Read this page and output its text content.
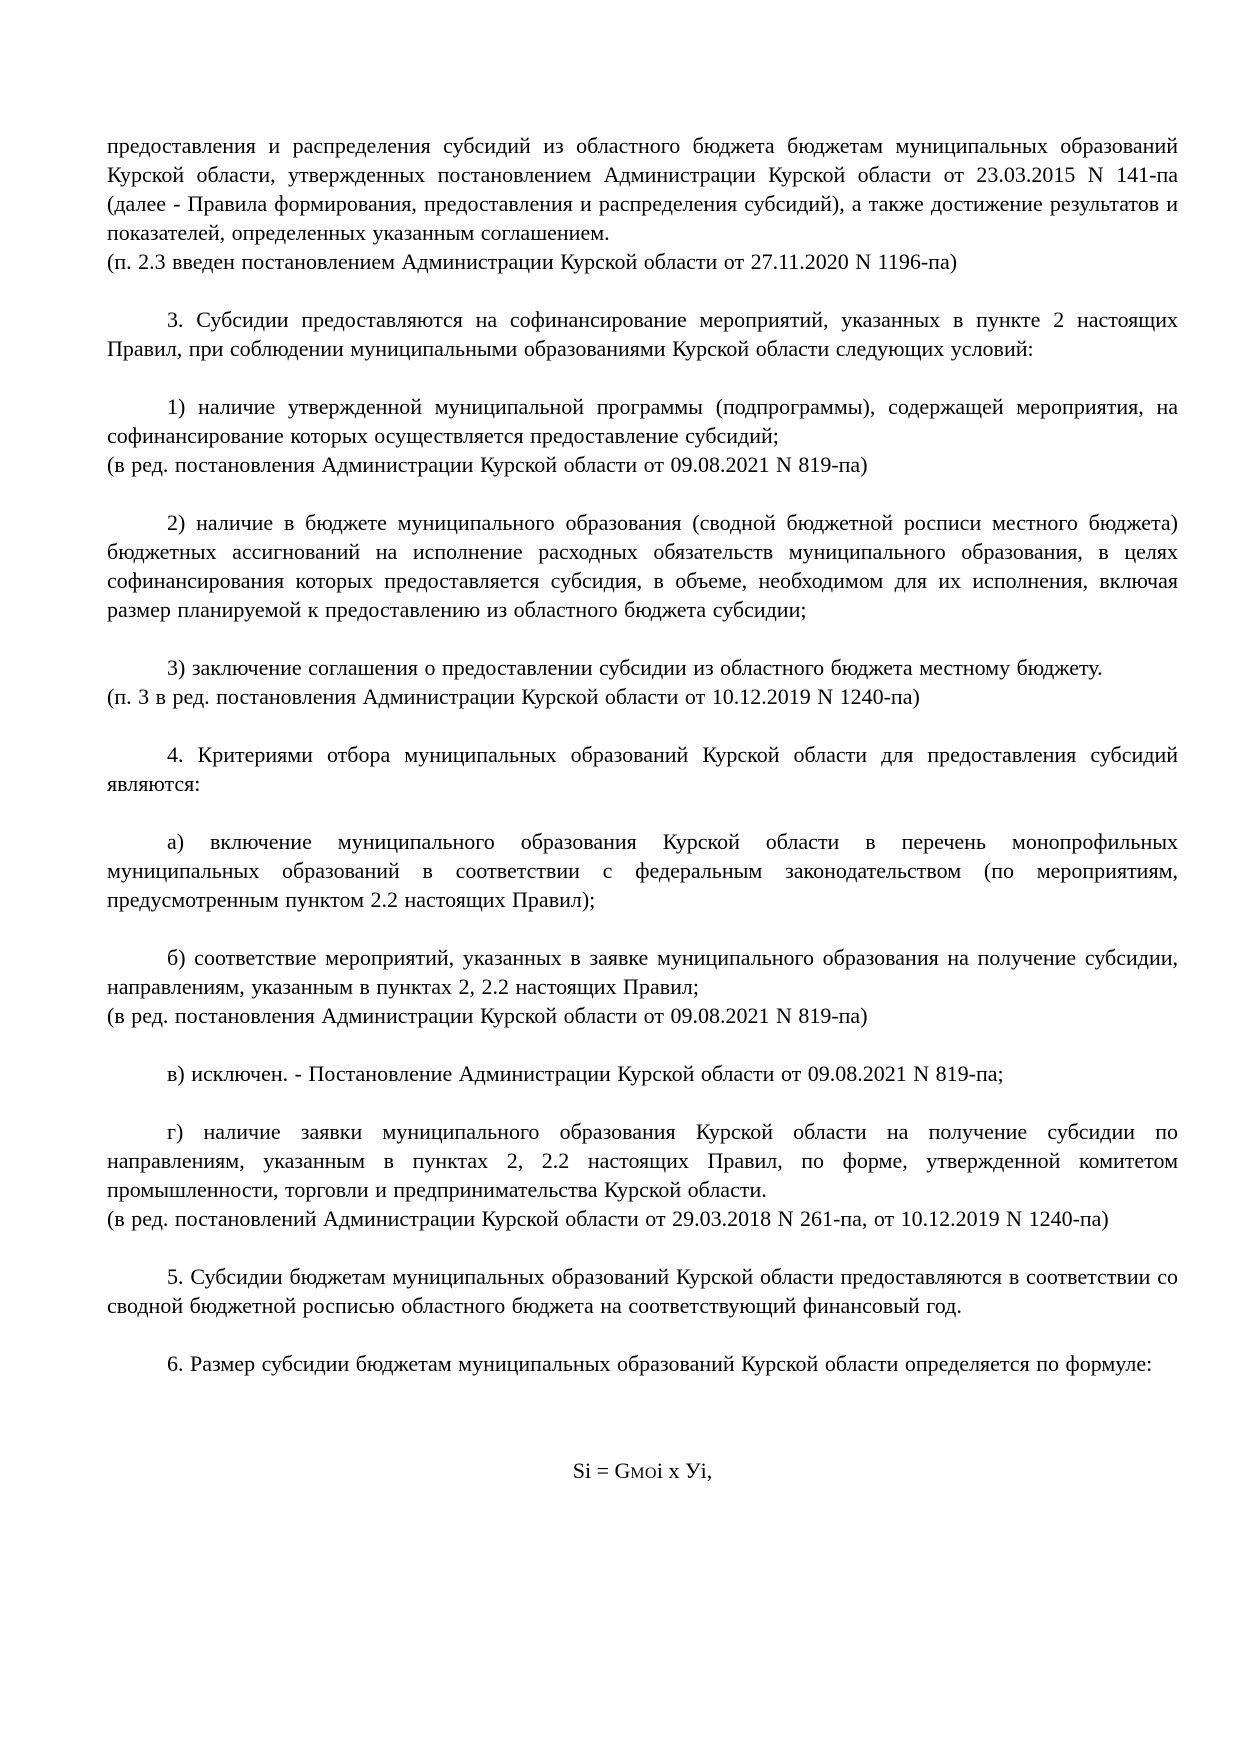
предоставления и распределения субсидий из областного бюджета бюджетам муниципальных образований Курской области, утвержденных постановлением Администрации Курской области от 23.03.2015 N 141-па (далее - Правила формирования, предоставления и распределения субсидий), а также достижение результатов и показателей, определенных указанным соглашением.

(п. 2.3 введен постановлением Администрации Курской области от 27.11.2020 N 1196-па)

3. Субсидии предоставляются на софинансирование мероприятий, указанных в пункте 2 настоящих Правил, при соблюдении муниципальными образованиями Курской области следующих условий:

1) наличие утвержденной муниципальной программы (подпрограммы), содержащей мероприятия, на софинансирование которых осуществляется предоставление субсидий;

(в ред. постановления Администрации Курской области от 09.08.2021 N 819-па)

2) наличие в бюджете муниципального образования (сводной бюджетной росписи местного бюджета) бюджетных ассигнований на исполнение расходных обязательств муниципального образования, в целях софинансирования которых предоставляется субсидия, в объеме, необходимом для их исполнения, включая размер планируемой к предоставлению из областного бюджета субсидии;

3) заключение соглашения о предоставлении субсидии из областного бюджета местному бюджету.

(п. 3 в ред. постановления Администрации Курской области от 10.12.2019 N 1240-па)

4. Критериями отбора муниципальных образований Курской области для предоставления субсидий являются:

а) включение муниципального образования Курской области в перечень монопрофильных муниципальных образований в соответствии с федеральным законодательством (по мероприятиям, предусмотренным пунктом 2.2 настоящих Правил);

б) соответствие мероприятий, указанных в заявке муниципального образования на получение субсидии, направлениям, указанным в пунктах 2, 2.2 настоящих Правил;

(в ред. постановления Администрации Курской области от 09.08.2021 N 819-па)

в) исключен. - Постановление Администрации Курской области от 09.08.2021 N 819-па;

г) наличие заявки муниципального образования Курской области на получение субсидии по направлениям, указанным в пунктах 2, 2.2 настоящих Правил, по форме, утвержденной комитетом промышленности, торговли и предпринимательства Курской области.

(в ред. постановлений Администрации Курской области от 29.03.2018 N 261-па, от 10.12.2019 N 1240-па)

5. Субсидии бюджетам муниципальных образований Курской области предоставляются в соответствии со сводной бюджетной росписью областного бюджета на соответствующий финансовый год.

6. Размер субсидии бюджетам муниципальных образований Курской области определяется по формуле:

Si = GМОi x Уi,
